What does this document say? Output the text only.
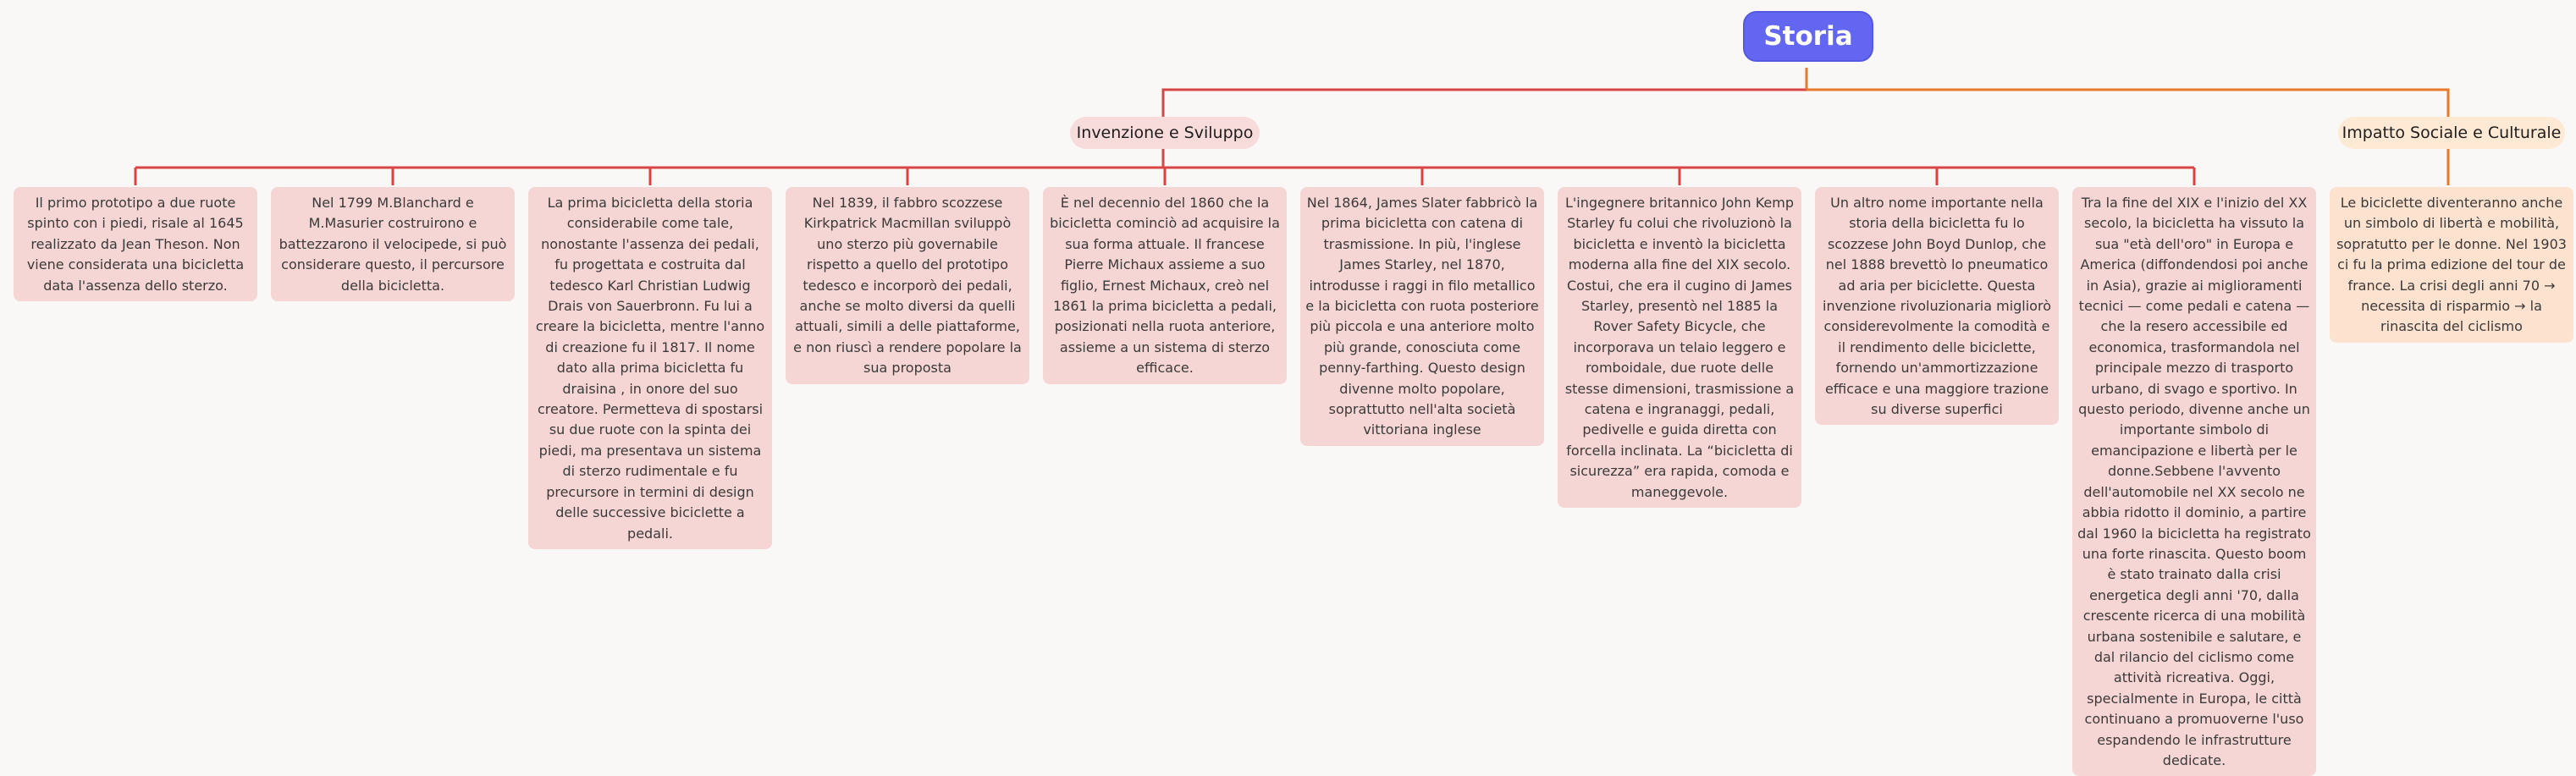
Storia
Invenzione e Sviluppo	Impatto Sociale e Culturale
Il primo prototipo a due ruote spinto con i piedi, risale al 1645 realizzato da Jean Theson. Non viene considerata una bicicletta data l'assenza dello sterzo.
Nel 1799 M.Blanchard e M.Masurier costruirono e battezzarono il velocipede, si può considerare questo, il percursore della bicicletta.
La prima bicicletta della storia considerabile come tale, nonostante l'assenza dei pedali, fu progettata e costruita dal tedesco Karl Christian Ludwig Drais von Sauerbronn. Fu lui a creare la bicicletta, mentre l'anno di creazione fu il 1817. Il nome dato alla prima bicicletta fu draisina , in onore del suo creatore. Permetteva di spostarsi su due ruote con la spinta dei piedi, ma presentava un sistema di sterzo rudimentale e fu precursore in termini di design delle successive biciclette a pedali.
Nel 1839, il fabbro scozzese Kirkpatrick Macmillan sviluppò uno sterzo più governabile rispetto a quello del prototipo tedesco e incorporò dei pedali, anche se molto diversi da quelli attuali, simili a delle piattaforme, e non riuscì a rendere popolare la sua proposta
È nel decennio del 1860 che la bicicletta cominciò ad acquisire la sua forma attuale. Il francese Pierre Michaux assieme a suo figlio, Ernest Michaux, creò nel 1861 la prima bicicletta a pedali, posizionati nella ruota anteriore, assieme a un sistema di sterzo efficace.
Nel 1864, James Slater fabbricò la prima bicicletta con catena di trasmissione. In più, l'inglese James Starley, nel 1870, introdusse i raggi in filo metallico e la bicicletta con ruota posteriore più piccola e una anteriore molto più grande, conosciuta come penny-farthing. Questo design divenne molto popolare, soprattutto nell'alta società vittoriana inglese
L'ingegnere britannico John Kemp Starley fu colui che rivoluzionò la bicicletta e inventò la bicicletta moderna alla fine del XIX secolo. Costui, che era il cugino di James Starley, presentò nel 1885 la Rover Safety Bicycle, che incorporava un telaio leggero e romboidale, due ruote delle stesse dimensioni, trasmissione a catena e ingranaggi, pedali, pedivelle e guida diretta con forcella inclinata. La “bicicletta di sicurezza” era rapida, comoda e maneggevole.
Un altro nome importante nella storia della bicicletta fu lo scozzese John Boyd Dunlop, che nel 1888 brevettò lo pneumatico ad aria per biciclette. Questa invenzione rivoluzionaria migliorò considerevolmente la comodità e il rendimento delle biciclette, fornendo un'ammortizzazione efficace e una maggiore trazione su diverse superfici
Tra la fine del XIX e l'inizio del XX secolo, la bicicletta ha vissuto la sua "età dell'oro" in Europa e America (diffondendosi poi anche in Asia), grazie ai miglioramenti tecnici — come pedali e catena — che la resero accessibile ed economica, trasformandola nel principale mezzo di trasporto urbano, di svago e sportivo. In questo periodo, divenne anche un importante simbolo di emancipazione e libertà per le donne.Sebbene l'avvento dell'automobile nel XX secolo ne abbia ridotto il dominio, a partire dal 1960 la bicicletta ha registrato una forte rinascita. Questo boom è stato trainato dalla crisi energetica degli anni '70, dalla crescente ricerca di una mobilità urbana sostenibile e salutare, e dal rilancio del ciclismo come attività ricreativa. Oggi, specialmente in Europa, le città continuano a promuoverne l'uso espandendo le infrastrutture dedicate.
Le biciclette diventeranno anche un simbolo di libertà e mobilità, sopratutto per le donne. Nel 1903 ci fu la prima edizione del tour de france. La crisi degli anni 70 → necessita di risparmio → la rinascita del ciclismo
